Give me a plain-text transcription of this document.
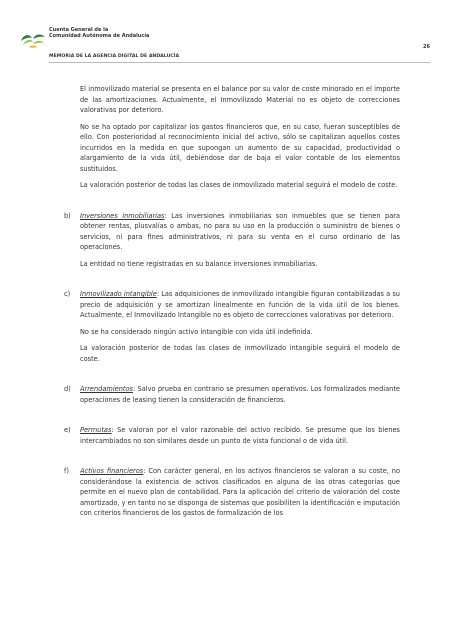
Cuenta General de la
Comunidad Autónoma de Andalucía
26
MEMORIA DE LA AGENCIA DIGITAL DE ANDALUCÍA

El inmovilizado material se presenta en el balance por su valor de coste minorado en el importe de las amortizaciones. Actualmente, el Inmovilizado Material no es objeto de correcciones valorativas por deterioro.

No se ha optado por capitalizar los gastos financieros que, en su caso, fueran susceptibles de ello. Con posterioridad al reconocimiento inicial del activo, sólo se capitalizan aquellos costes incurridos en la medida en que supongan un aumento de su capacidad, productividad o alargamiento de la vida útil, debiéndose dar de baja el valor contable de los elementos sustituidos.

La valoración posterior de todas las clases de inmovilizado material seguirá el modelo de coste.

b) Inversiones inmobiliarias: Las inversiones inmobiliarias son inmuebles que se tienen para obtener rentas, plusvalías o ambas, no para su uso en la producción o suministro de bienes o servicios, ni para fines administrativos, ni para su venta en el curso ordinario de las operaciones.

La entidad no tiene registradas en su balance inversiones inmobiliarias.

c) Inmovilizado intangible: Las adquisiciones de inmovilizado intangible figuran contabilizadas a su precio de adquisición y se amortizan linealmente en función de la vida útil de los bienes. Actualmente, el Inmovilizado Intangible no es objeto de correcciones valorativas por deterioro.

No se ha considerado ningún activo intangible con vida útil indefinida.

La valoración posterior de todas las clases de inmovilizado intangible seguirá el modelo de coste.

d) Arrendamientos: Salvo prueba en contrario se presumen operativos. Los formalizados mediante operaciones de leasing tienen la consideración de financieros.

e) Permutas: Se valoran por el valor razonable del activo recibido. Se presume que los bienes intercambiados no son similares desde un punto de vista funcional o de vida útil.

f) Activos financieros: Con carácter general, en los activos financieros se valoran a su coste, no considerándose la existencia de activos clasificados en alguna de las otras categorías que permite en el nuevo plan de contabilidad. Para la aplicación del criterio de valoración del coste amortizado, y en tanto no se disponga de sistemas que posibiliten la identificación e imputación con criterios financieros de los gastos de formalización de los
